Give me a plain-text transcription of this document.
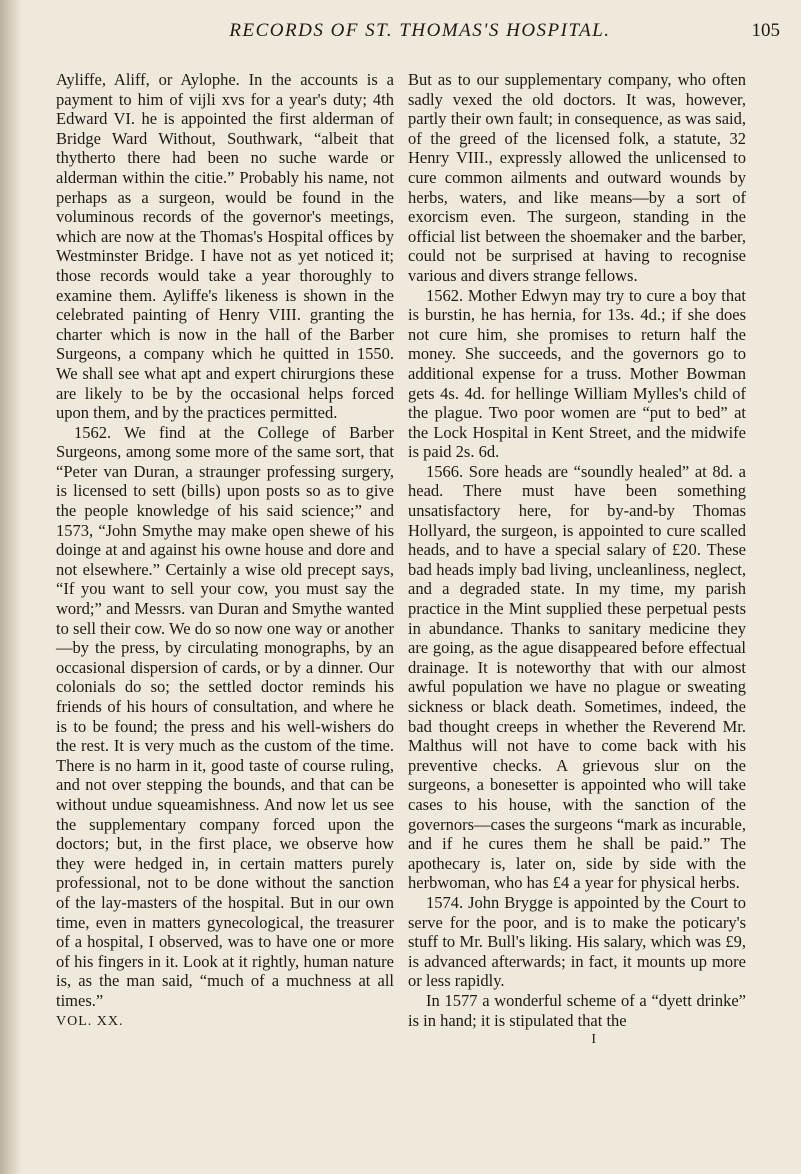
RECORDS OF ST. THOMAS'S HOSPITAL.	105

Ayliffe, Aliff, or Aylophe. In the accounts is a payment to him of vijli xvs for a year's duty; 4th Edward VI. he is appointed the first alderman of Bridge Ward Without, Southwark, “albeit that thytherto there had been no suche warde or alderman within the citie.” Probably his name, not perhaps as a surgeon, would be found in the voluminous records of the governor's meetings, which are now at the Thomas's Hospital offices by Westminster Bridge. I have not as yet noticed it; those records would take a year thoroughly to examine them. Ayliffe's likeness is shown in the celebrated painting of Henry VIII. granting the charter which is now in the hall of the Barber Surgeons, a company which he quitted in 1550. We shall see what apt and expert chirurgions these are likely to be by the occasional helps forced upon them, and by the practices permitted.

1562. We find at the College of Barber Surgeons, among some more of the same sort, that “Peter van Duran, a straunger professing surgery, is licensed to sett (bills) upon posts so as to give the people knowledge of his said science;” and 1573, “John Smythe may make open shewe of his doinge at and against his owne house and dore and not elsewhere.” Certainly a wise old precept says, “If you want to sell your cow, you must say the word;” and Messrs. van Duran and Smythe wanted to sell their cow. We do so now one way or another—by the press, by circulating monographs, by an occasional dispersion of cards, or by a dinner. Our colonials do so; the settled doctor reminds his friends of his hours of consultation, and where he is to be found; the press and his well-wishers do the rest. It is very much as the custom of the time. There is no harm in it, good taste of course ruling, and not over stepping the bounds, and that can be without undue squeamishness. And now let us see the supplementary company forced upon the doctors; but, in the first place, we observe how they were hedged in, in certain matters purely professional, not to be done without the sanction of the lay-masters of the hospital. But in our own time, even in matters gynecological, the treasurer of a hospital, I observed, was to have one or more of his fingers in it. Look at it rightly, human nature is, as the man said, “much of a muchness at all times.”

VOL. XX.

But as to our supplementary company, who often sadly vexed the old doctors. It was, however, partly their own fault; in consequence, as was said, of the greed of the licensed folk, a statute, 32 Henry VIII., expressly allowed the unlicensed to cure common ailments and outward wounds by herbs, waters, and like means—by a sort of exorcism even. The surgeon, standing in the official list between the shoemaker and the barber, could not be surprised at having to recognise various and divers strange fellows.

1562. Mother Edwyn may try to cure a boy that is burstin, he has hernia, for 13s. 4d.; if she does not cure him, she promises to return half the money. She succeeds, and the governors go to additional expense for a truss. Mother Bowman gets 4s. 4d. for hellinge William Mylles's child of the plague. Two poor women are “put to bed” at the Lock Hospital in Kent Street, and the midwife is paid 2s. 6d.

1566. Sore heads are “soundly healed” at 8d. a head. There must have been something unsatisfactory here, for by-and-by Thomas Hollyard, the surgeon, is appointed to cure scalled heads, and to have a special salary of £20. These bad heads imply bad living, uncleanliness, neglect, and a degraded state. In my time, my parish practice in the Mint supplied these perpetual pests in abundance. Thanks to sanitary medicine they are going, as the ague disappeared before effectual drainage. It is noteworthy that with our almost awful population we have no plague or sweating sickness or black death. Sometimes, indeed, the bad thought creeps in whether the Reverend Mr. Malthus will not have to come back with his preventive checks. A grievous slur on the surgeons, a bonesetter is appointed who will take cases to his house, with the sanction of the governors—cases the surgeons “mark as incurable, and if he cures them he shall be paid.” The apothecary is, later on, side by side with the herbwoman, who has £4 a year for physical herbs.

1574. John Brygge is appointed by the Court to serve for the poor, and is to make the poticary's stuff to Mr. Bull's liking. His salary, which was £9, is advanced afterwards; in fact, it mounts up more or less rapidly.

In 1577 a wonderful scheme of a “dyett drinke” is in hand; it is stipulated that the

I
